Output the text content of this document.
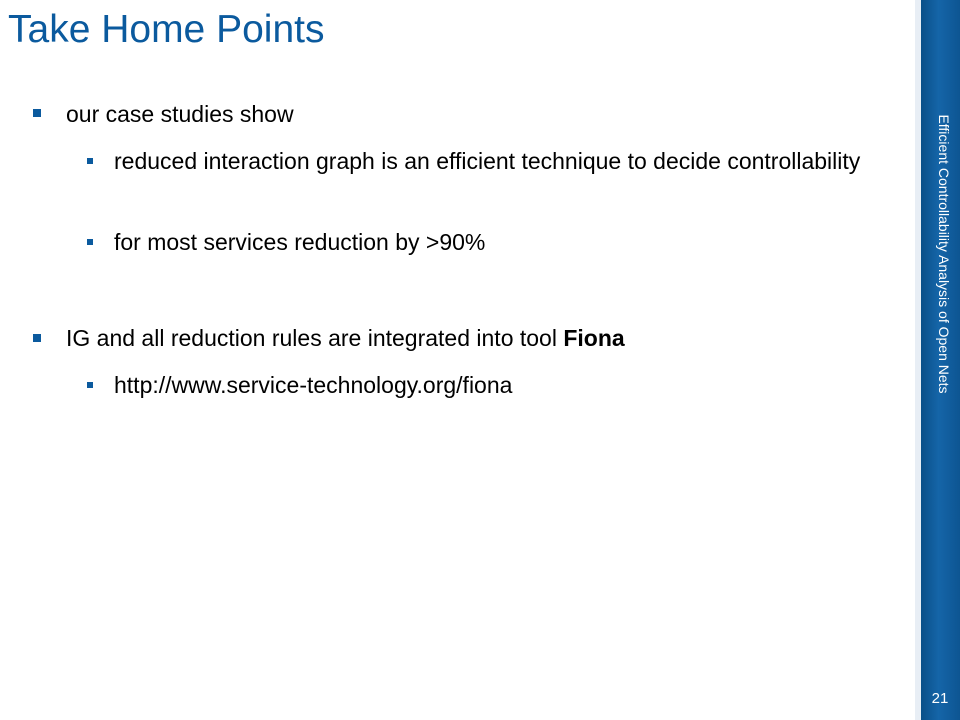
Take Home Points
our case studies show
reduced interaction graph is an efficient technique to decide controllability
for most services reduction by >90%
IG and all reduction rules are integrated into tool Fiona
http://www.service-technology.org/fiona	Efficient Controllability Analysis of Open Nets
21
